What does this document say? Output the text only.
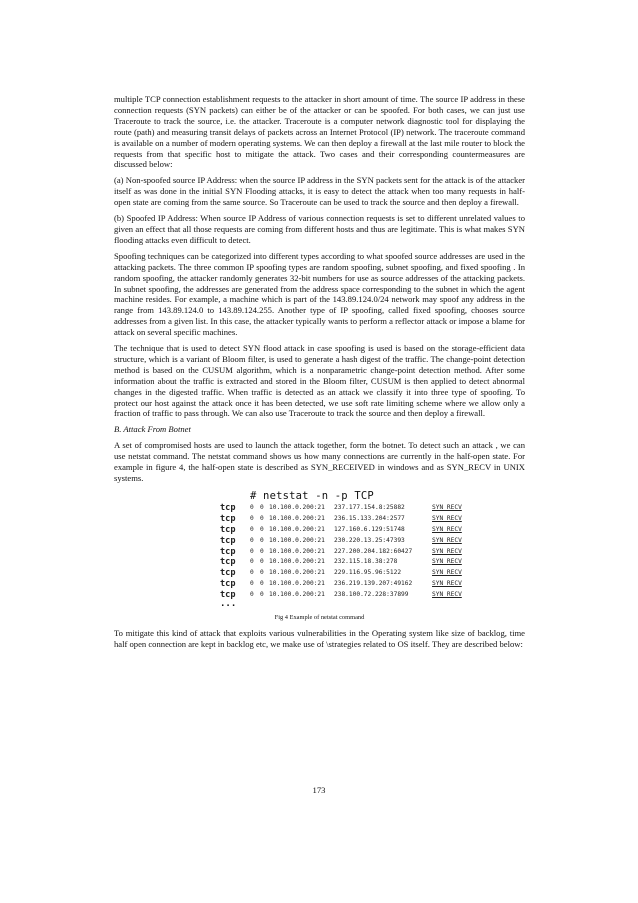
multiple TCP connection establishment requests to the attacker in short amount of time. The source IP address in these connection requests (SYN packets) can either be of the attacker or can be spoofed. For both cases, we can just use Traceroute to track the source, i.e. the attacker. Traceroute is a computer network diagnostic tool for displaying the route (path) and measuring transit delays of packets across an Internet Protocol (IP) network. The traceroute command is available on a number of modern operating systems. We can then deploy a firewall at the last mile router to block the requests from that specific host to mitigate the attack. Two cases and their corresponding countermeasures are discussed below:

(a) Non-spoofed source IP Address: when the source IP address in the SYN packets sent for the attack is of the attacker itself as was done in the initial SYN Flooding attacks, it is easy to detect the attack when too many requests in half-open state are coming from the same source. So Traceroute can be used to track the source and then deploy a firewall.

(b) Spoofed IP Address: When source IP Address of various connection requests is set to different unrelated values to given an effect that all those requests are coming from different hosts and thus are legitimate. This is what makes SYN flooding attacks even difficult to detect.

Spoofing techniques can be categorized into different types according to what spoofed source addresses are used in the attacking packets. The three common IP spoofing types are random spoofing, subnet spoofing, and fixed spoofing . In random spoofing, the attacker randomly generates 32-bit numbers for use as source addresses of the attacking packets. In subnet spoofing, the addresses are generated from the address space corresponding to the subnet in which the agent machine resides. For example, a machine which is part of the 143.89.124.0/24 network may spoof any address in the range from 143.89.124.0 to 143.89.124.255. Another type of IP spoofing, called fixed spoofing, chooses source addresses from a given list. In this case, the attacker typically wants to perform a reflector attack or impose a blame for attack on several specific machines.

The technique that is used to detect SYN flood attack in case spoofing is used is based on the storage-efficient data structure, which is a variant of Bloom filter, is used to generate a hash digest of the traffic. The change-point detection method is based on the CUSUM algorithm, which is a nonparametric change-point detection method. After some information about the traffic is extracted and stored in the Bloom filter, CUSUM is then applied to detect abnormal changes in the digested traffic. When traffic is detected as an attack we classify it into three type of spoofing. To protect our host against the attack once it has been detected, we use soft rate limiting scheme where we allow only a fraction of traffic to pass through. We can also use Traceroute to track the source and then deploy a firewall.

B. Attack From Botnet

A set of compromised hosts are used to launch the attack together, form the botnet. To detect such an attack , we can use netstat command. The netstat command shows us how many connections are currently in the half-open state. For example in figure 4, the half-open state is described as SYN_RECEIVED in windows and as SYN_RECV in UNIX systems.

# netstat -n -p TCP
tcp	0	0	10.100.0.200:21	237.177.154.8:25882	SYN_RECV
tcp	0	0	10.100.0.200:21	236.15.133.204:2577	SYN_RECV
tcp	0	0	10.100.0.200:21	127.160.6.129:51748	SYN_RECV
tcp	0	0	10.100.0.200:21	230.220.13.25:47393	SYN_RECV
tcp	0	0	10.100.0.200:21	227.200.204.182:60427	SYN_RECV
tcp	0	0	10.100.0.200:21	232.115.18.38:278	SYN_RECV
tcp	0	0	10.100.0.200:21	229.116.95.96:5122	SYN_RECV
tcp	0	0	10.100.0.200:21	236.219.139.207:49162	SYN_RECV
tcp	0	0	10.100.0.200:21	238.100.72.228:37899	SYN_RECV
...
Fig 4 Example of netstat command

To mitigate this kind of attack that exploits various vulnerabilities in the Operating system like size of backlog, time half open connection are kept in backlog etc, we make use of \strategies related to OS itself. They are described below:

173
